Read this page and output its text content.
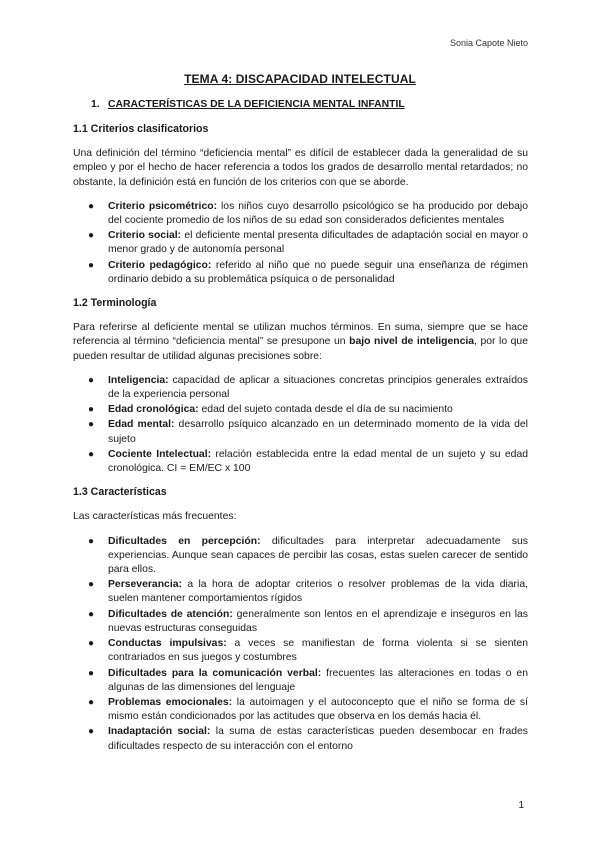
Sonia Capote Nieto
TEMA 4: DISCAPACIDAD INTELECTUAL
1. CARACTERÍSTICAS DE LA DEFICIENCIA MENTAL INFANTIL
1.1 Criterios clasificatorios

Una definición del término “deficiencia mental” es difícil de establecer dada la generalidad de su empleo y por el hecho de hacer referencia a todos los grados de desarrollo mental retardados; no obstante, la definición está en función de los criterios con que se aborde.

● Criterio psicométrico: los niños cuyo desarrollo psicológico se ha producido por debajo del cociente promedio de los niños de su edad son considerados deficientes mentales
● Criterio social: el deficiente mental presenta dificultades de adaptación social en mayor o menor grado y de autonomía personal
● Criterio pedagógico: referido al niño que no puede seguir una enseñanza de régimen ordinario debido a su problemática psíquica o de personalidad
1.2 Terminología

Para referirse al deficiente mental se utilizan muchos términos. En suma, siempre que se hace referencia al término “deficiencia mental” se presupone un bajo nivel de inteligencia, por lo que pueden resultar de utilidad algunas precisiones sobre:

● Inteligencia: capacidad de aplicar a situaciones concretas principios generales extraídos de la experiencia personal
● Edad cronológica: edad del sujeto contada desde el día de su nacimiento
● Edad mental: desarrollo psíquico alcanzado en un determinado momento de la vida del sujeto
● Cociente Intelectual: relación establecida entre la edad mental de un sujeto y su edad cronológica. CI = EM/EC x 100
1.3 Características

Las características más frecuentes:

● Dificultades en percepción: dificultades para interpretar adecuadamente sus experiencias. Aunque sean capaces de percibir las cosas, estas suelen carecer de sentido para ellos.
● Perseverancia: a la hora de adoptar criterios o resolver problemas de la vida diaria, suelen mantener comportamientos rígidos
● Dificultades de atención: generalmente son lentos en el aprendizaje e inseguros en las nuevas estructuras conseguidas
● Conductas impulsivas: a veces se manifiestan de forma violenta si se sienten contrariados en sus juegos y costumbres
● Dificultades para la comunicación verbal: frecuentes las alteraciones en todas o en algunas de las dimensiones del lenguaje
● Problemas emocionales: la autoimagen y el autoconcepto que el niño se forma de sí mismo están condicionados por las actitudes que observa en los demás hacia él.
● Inadaptación social: la suma de estas características pueden desembocar en frades dificultades respecto de su interacción con el entorno
1
